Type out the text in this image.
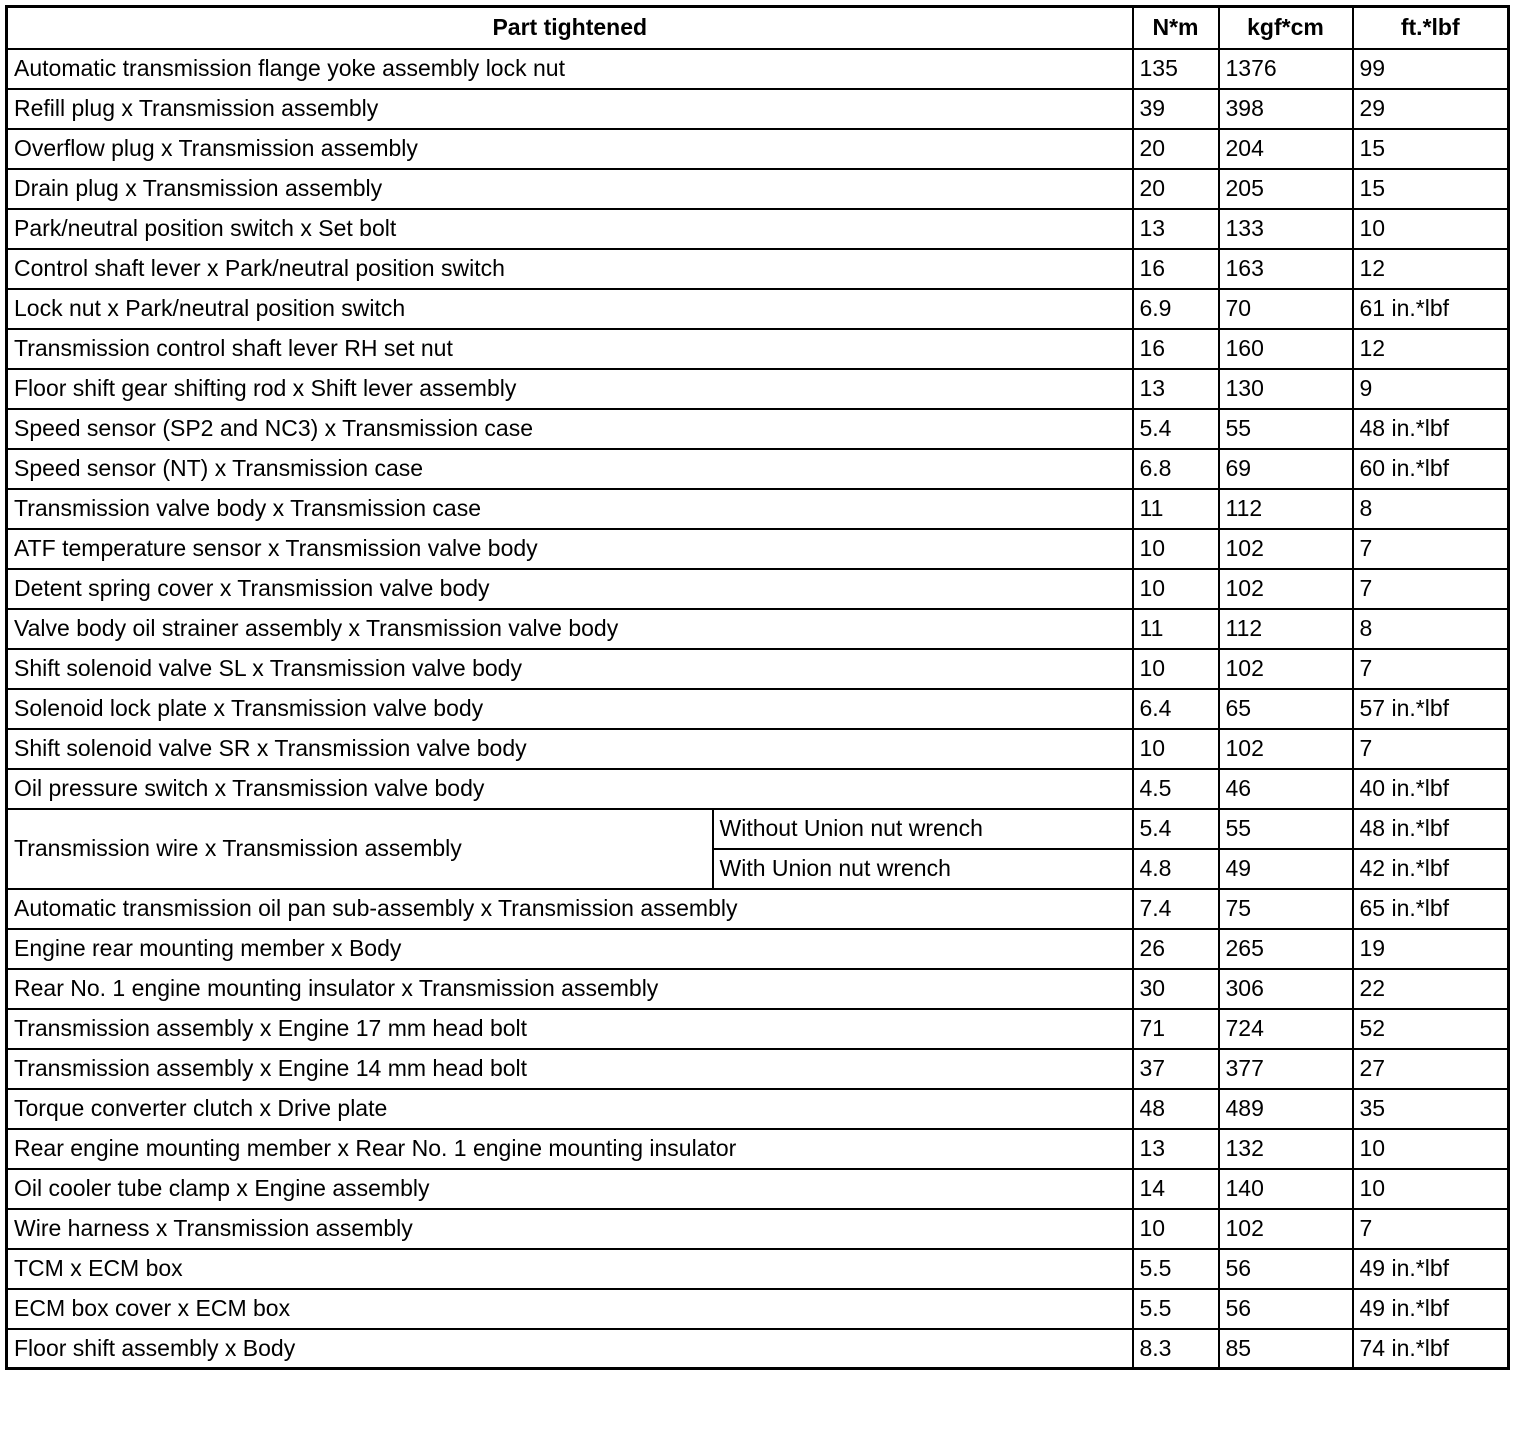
Part tightened		N*m	kgf*cm	ft.*lbf
Automatic transmission flange yoke assembly lock nut		135	1376	99
Refill plug x Transmission assembly		39	398	29
Overflow plug x Transmission assembly		20	204	15
Drain plug x Transmission assembly		20	205	15
Park/neutral position switch x Set bolt		13	133	10
Control shaft lever x Park/neutral position switch		16	163	12
Lock nut x Park/neutral position switch		6.9	70	61 in.*lbf
Transmission control shaft lever RH set nut		16	160	12
Floor shift gear shifting rod x Shift lever assembly		13	130	9
Speed sensor (SP2 and NC3) x Transmission case		5.4	55	48 in.*lbf
Speed sensor (NT) x Transmission case		6.8	69	60 in.*lbf
Transmission valve body x Transmission case		11	112	8
ATF temperature sensor x Transmission valve body		10	102	7
Detent spring cover x Transmission valve body		10	102	7
Valve body oil strainer assembly x Transmission valve body		11	112	8
Shift solenoid valve SL x Transmission valve body		10	102	7
Solenoid lock plate x Transmission valve body		6.4	65	57 in.*lbf
Shift solenoid valve SR x Transmission valve body		10	102	7
Oil pressure switch x Transmission valve body		4.5	46	40 in.*lbf
Transmission wire x Transmission assembly	Without Union nut wrench	5.4	55	48 in.*lbf
	With Union nut wrench	4.8	49	42 in.*lbf
Automatic transmission oil pan sub-assembly x Transmission assembly		7.4	75	65 in.*lbf
Engine rear mounting member x Body		26	265	19
Rear No. 1 engine mounting insulator x Transmission assembly		30	306	22
Transmission assembly x Engine 17 mm head bolt		71	724	52
Transmission assembly x Engine 14 mm head bolt		37	377	27
Torque converter clutch x Drive plate		48	489	35
Rear engine mounting member x Rear No. 1 engine mounting insulator		13	132	10
Oil cooler tube clamp x Engine assembly		14	140	10
Wire harness x Transmission assembly		10	102	7
TCM x ECM box		5.5	56	49 in.*lbf
ECM box cover x ECM box		5.5	56	49 in.*lbf
Floor shift assembly x Body		8.3	85	74 in.*lbf
